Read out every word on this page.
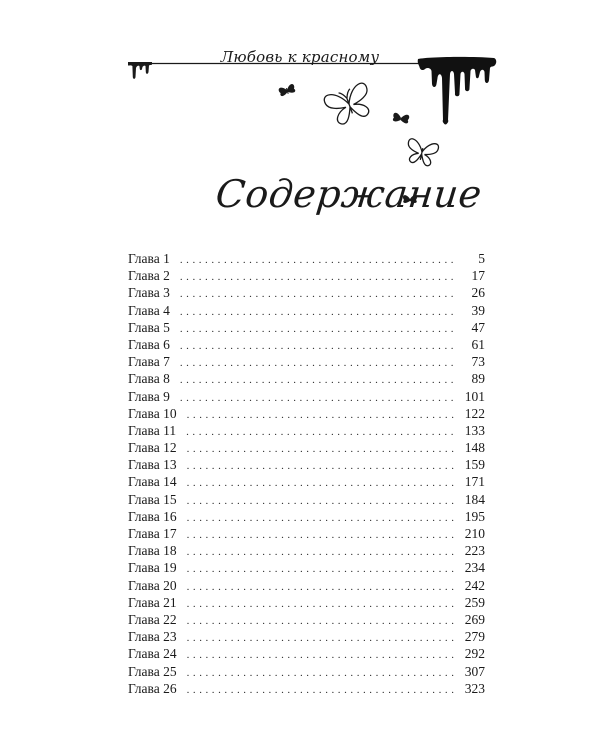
Любовь к красному
Содержание
Глава 1 . . .	5
Глава 2 . . .	17
Глава 3 . . .	26
Глава 4 . . .	39
Глава 5 . . .	47
Глава 6 . . .	61
Глава 7 . . .	73
Глава 8 . . .	89
Глава 9 . . .	101
Глава 10 . . .	122
Глава 11 . . .	133
Глава 12 . . .	148
Глава 13 . . .	159
Глава 14 . . .	171
Глава 15 . . .	184
Глава 16 . . .	195
Глава 17 . . .	210
Глава 18 . . .	223
Глава 19 . . .	234
Глава 20 . . .	242
Глава 21 . . .	259
Глава 22 . . .	269
Глава 23 . . .	279
Глава 24 . . .	292
Глава 25 . . .	307
Глава 26 . . .	323
